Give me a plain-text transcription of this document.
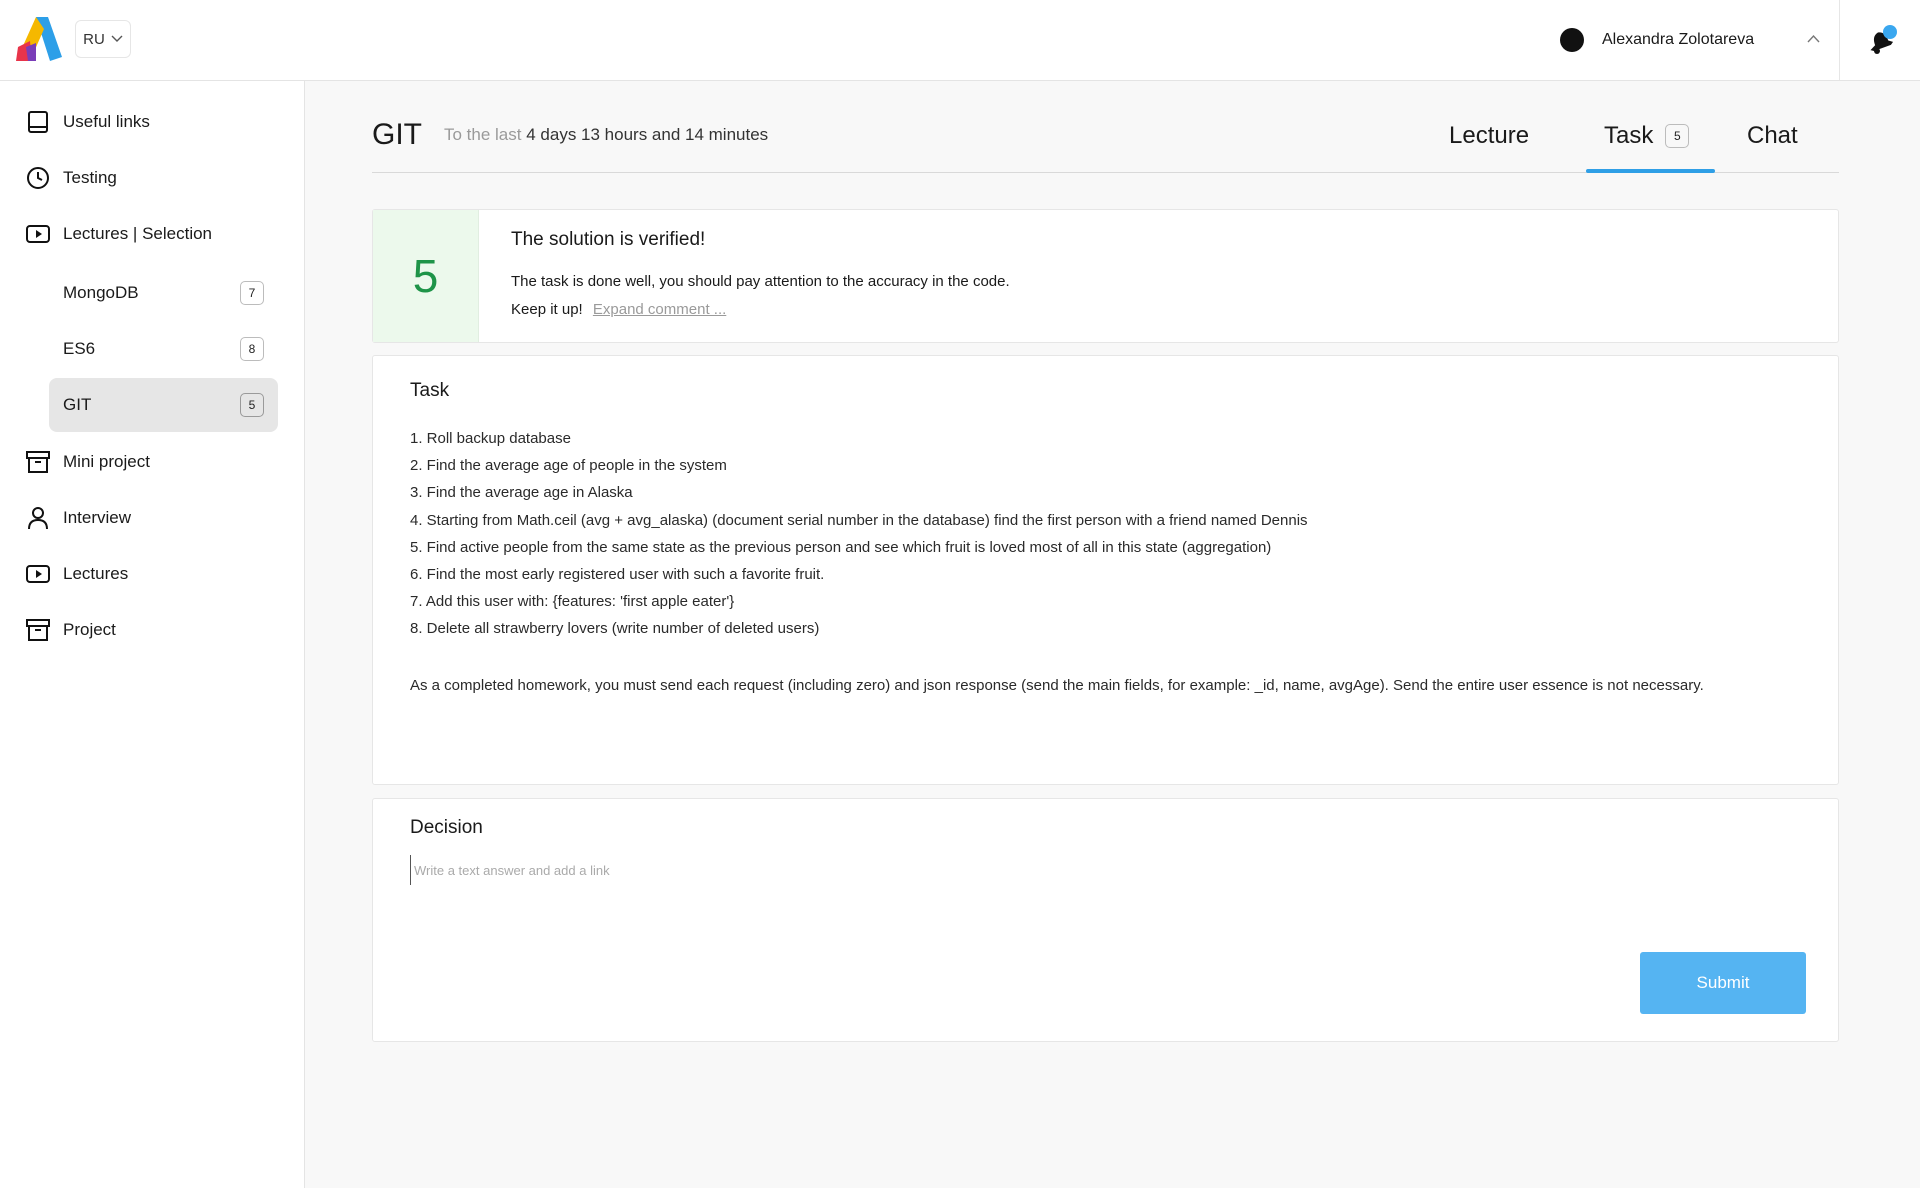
RU	Alexandra Zolotareva
Useful links
Testing
Lectures | Selection
MongoDB	7
ES6	8
GIT	5
Mini project
Interview
Lectures
Project
GIT To the last 4 days 13 hours and 14 minutes	Lecture	Task	5	Chat
5
The solution is verified!
The task is done well, you should pay attention to the accuracy in the code.
Keep it up! Expand comment ...
Task
1. Roll backup database
2. Find the average age of people in the system
3. Find the average age in Alaska
4. Starting from Math.ceil (avg + avg_alaska) (document serial number in the database) find the first person with a friend named Dennis
5. Find active people from the same state as the previous person and see which fruit is loved most of all in this state (aggregation)
6. Find the most early registered user with such a favorite fruit.
7. Add this user with: {features: 'first apple eater'}
8. Delete all strawberry lovers (write number of deleted users)
As a completed homework, you must send each request (including zero) and json response (send the main fields, for example: _id, name, avgAge). Send the entire user essence is not necessary.
Decision
Write a text answer and add a link
Submit
